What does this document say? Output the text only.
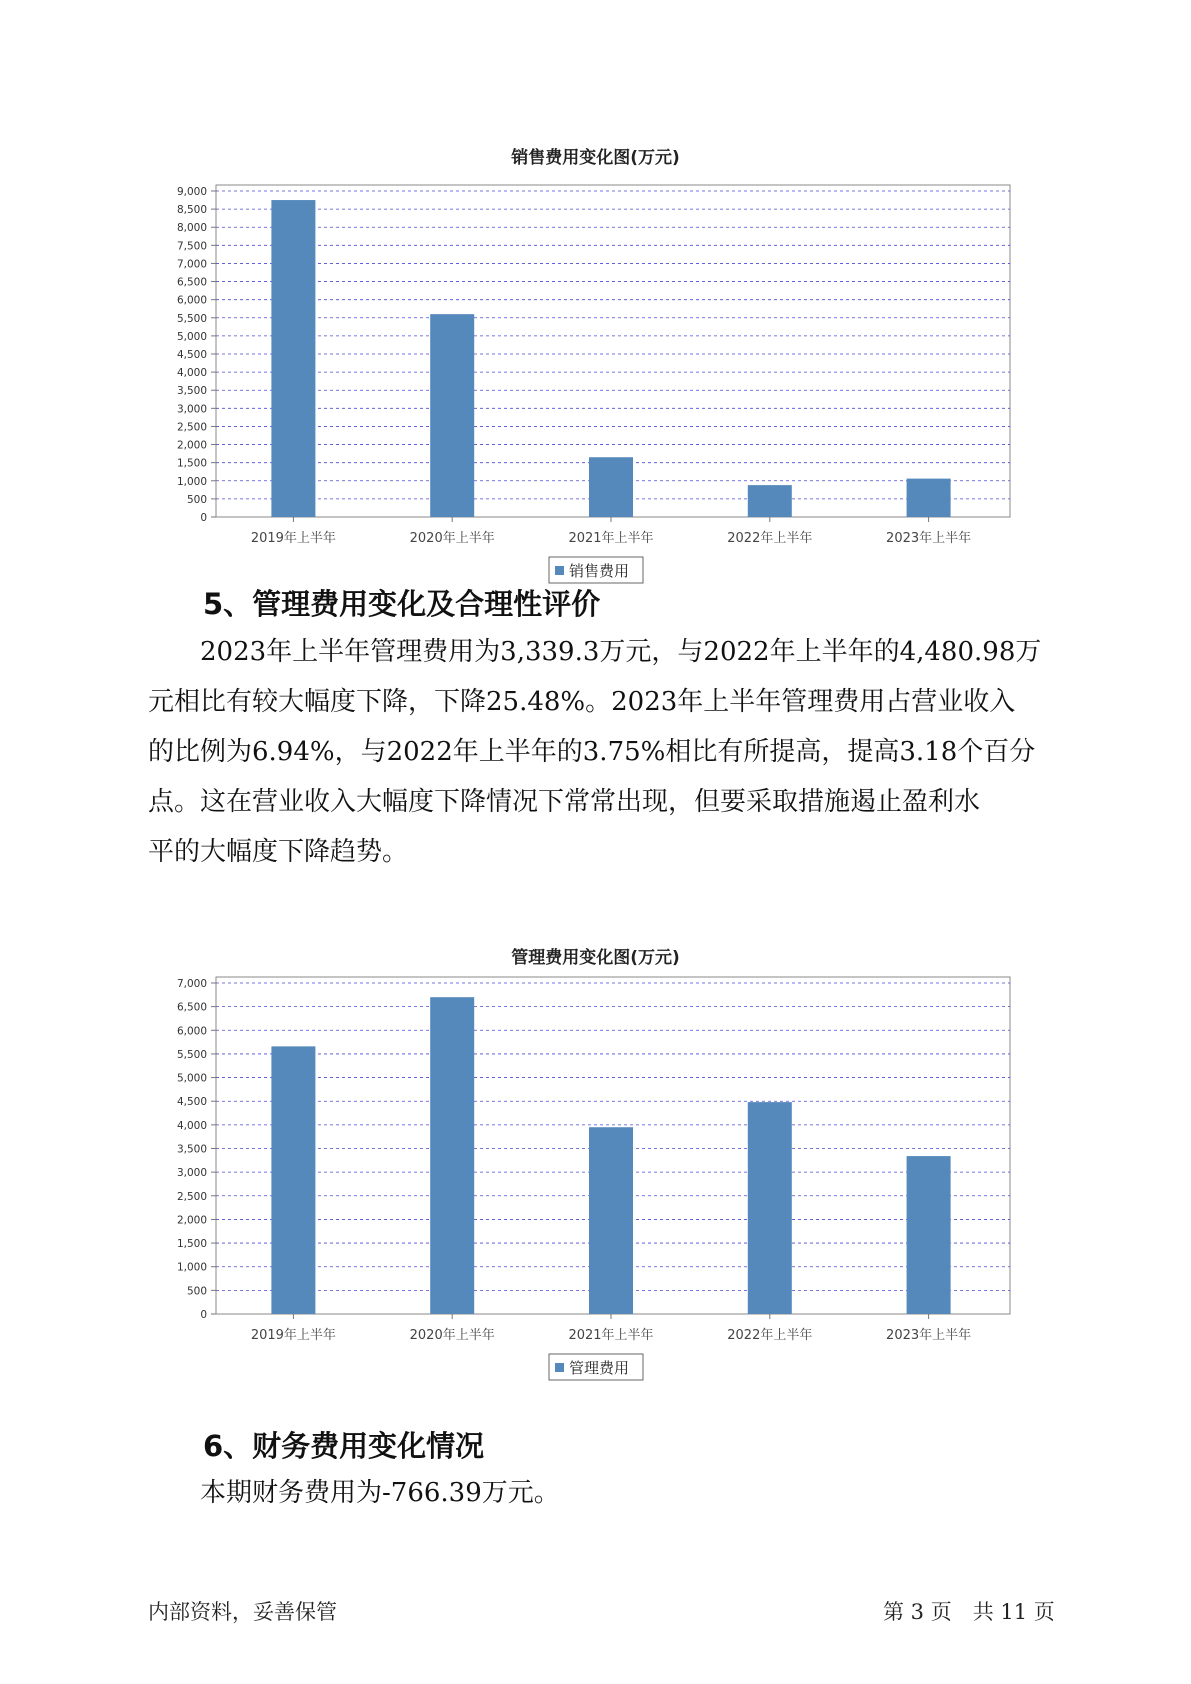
销售费用变化图(万元)
0
500
1,000
1,500
2,000
2,500
3,000
3,500
4,000
4,500
5,000
5,500
6,000
6,500
7,000
7,500
8,000
8,500
9,000
2019年上半年	2020年上半年	2021年上半年	2022年上半年	2023年上半年
销售费用
5、管理费用变化及合理性评价
2023年上半年管理费用为3,339.3万元，与2022年上半年的4,480.98万
元相比有较大幅度下降，下降25.48%。2023年上半年管理费用占营业收入
的比例为6.94%，与2022年上半年的3.75%相比有所提高，提高3.18个百分
点。这在营业收入大幅度下降情况下常常出现，但要采取措施遏止盈利水
平的大幅度下降趋势。
管理费用变化图(万元)
0
500
1,000
1,500
2,000
2,500
3,000
3,500
4,000
4,500
5,000
5,500
6,000
6,500
7,000
2019年上半年	2020年上半年	2021年上半年	2022年上半年	2023年上半年
管理费用
6、财务费用变化情况
本期财务费用为-766.39万元。
内部资料，妥善保管	第 3 页　共 11 页
